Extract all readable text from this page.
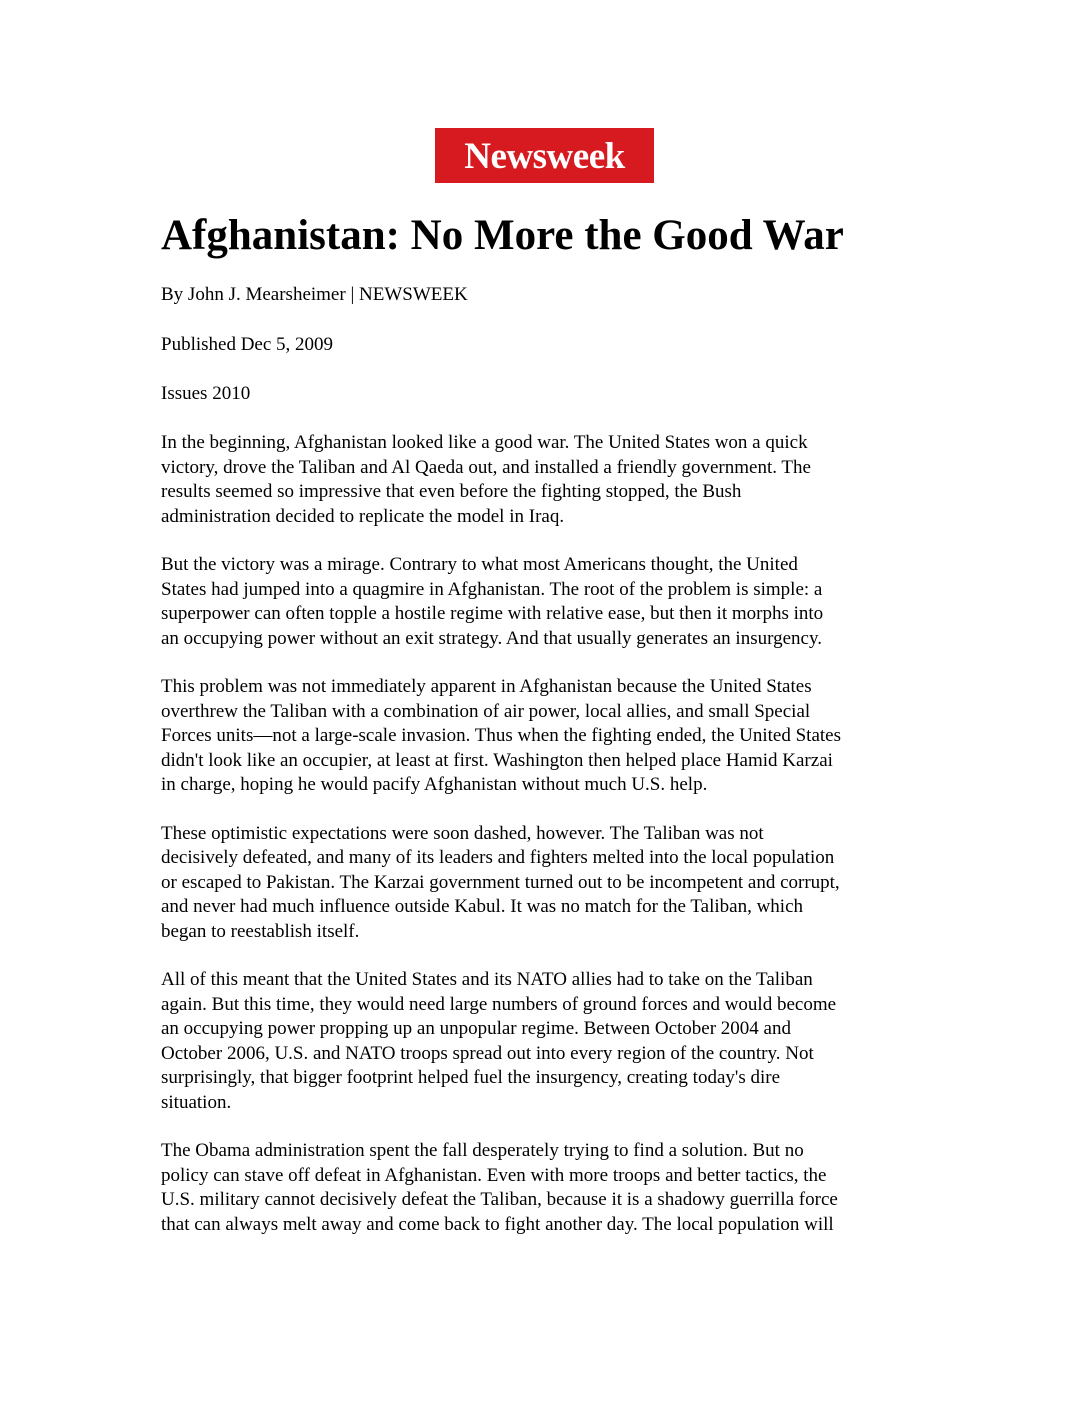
Newsweek
Afghanistan: No More the Good War

By John J. Mearsheimer | NEWSWEEK

Published Dec 5, 2009

Issues 2010

In the beginning, Afghanistan looked like a good war. The United States won a quick
victory, drove the Taliban and Al Qaeda out, and installed a friendly government. The
results seemed so impressive that even before the fighting stopped, the Bush
administration decided to replicate the model in Iraq.

But the victory was a mirage. Contrary to what most Americans thought, the United
States had jumped into a quagmire in Afghanistan. The root of the problem is simple: a
superpower can often topple a hostile regime with relative ease, but then it morphs into
an occupying power without an exit strategy. And that usually generates an insurgency.

This problem was not immediately apparent in Afghanistan because the United States
overthrew the Taliban with a combination of air power, local allies, and small Special
Forces units—not a large-scale invasion. Thus when the fighting ended, the United States
didn't look like an occupier, at least at first. Washington then helped place Hamid Karzai
in charge, hoping he would pacify Afghanistan without much U.S. help.

These optimistic expectations were soon dashed, however. The Taliban was not
decisively defeated, and many of its leaders and fighters melted into the local population
or escaped to Pakistan. The Karzai government turned out to be incompetent and corrupt,
and never had much influence outside Kabul. It was no match for the Taliban, which
began to reestablish itself.

All of this meant that the United States and its NATO allies had to take on the Taliban
again. But this time, they would need large numbers of ground forces and would become
an occupying power propping up an unpopular regime. Between October 2004 and
October 2006, U.S. and NATO troops spread out into every region of the country. Not
surprisingly, that bigger footprint helped fuel the insurgency, creating today's dire
situation.

The Obama administration spent the fall desperately trying to find a solution. But no
policy can stave off defeat in Afghanistan. Even with more troops and better tactics, the
U.S. military cannot decisively defeat the Taliban, because it is a shadowy guerrilla force
that can always melt away and come back to fight another day. The local population will
